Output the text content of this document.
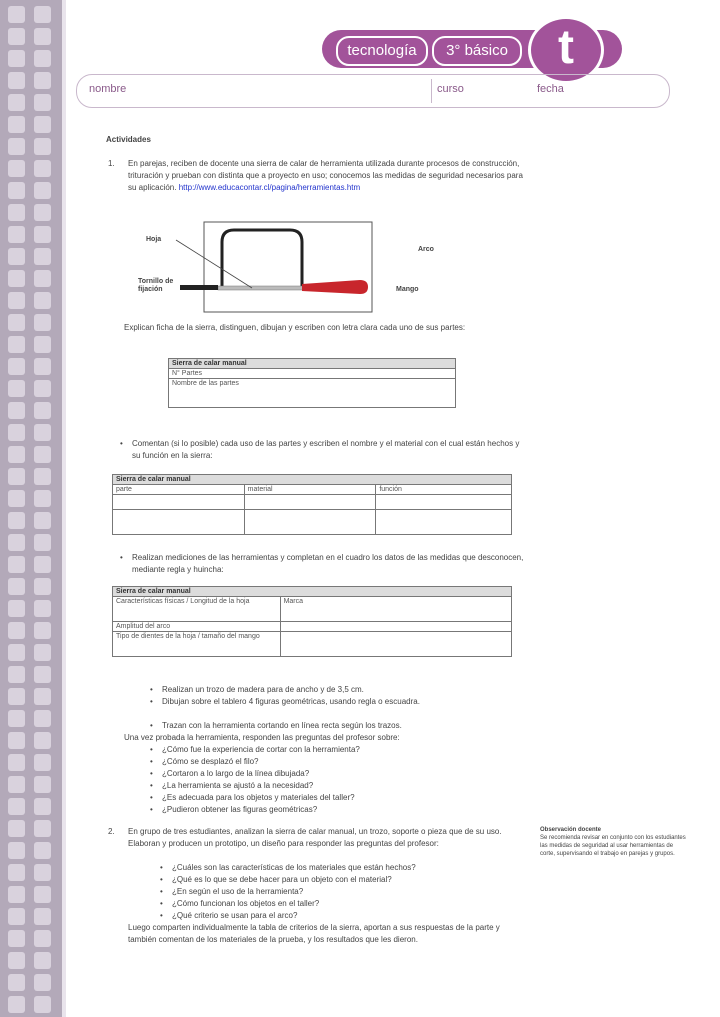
tecnología	3° básico	t
nombre	curso	fecha
Actividades
1. En parejas, reciben de docente una sierra de calar de herramienta utilizada durante procesos de construcción, trituración y prueban con distinta que a proyecto en uso; conocemos las medidas de seguridad necesarios para su aplicación. http://www.educacontar.cl/pagina/herramientas.htm
Hoja
Tornillo de
fijación
Arco
Mango
Explican ficha de la sierra, distinguen, dibujan y escriben con letra clara cada uno de sus partes:
Sierra de calar manual
N° Partes
Nombre de las partes
• Comentan (si lo posible) cada uso de las partes y escriben el nombre y el material con el cual están hechos y su función en la sierra:
Sierra de calar manual		
parte	material	función

• Realizan mediciones de las herramientas y completan en el cuadro los datos de las medidas que desconocen, mediante regla y huincha:
Sierra de calar manual	
Características físicas / Longitud de la hoja	Marca
Amplitud del arco	
Tipo de dientes de la hoja / tamaño del mango	
• Realizan un trozo de madera para de ancho y de 3,5 cm.
• Dibujan sobre el tablero 4 figuras geométricas, usando regla o escuadra.
• Trazan con la herramienta cortando en línea recta según los trazos.
Una vez probada la herramienta, responden las preguntas del profesor sobre:
• ¿Cómo fue la experiencia de cortar con la herramienta?
• ¿Cómo se desplazó el filo?
• ¿Cortaron a lo largo de la línea dibujada?
• ¿La herramienta se ajustó a la necesidad?
• ¿Es adecuada para los objetos y materiales del taller?
• ¿Pudieron obtener las figuras geométricas?
2. En grupo de tres estudiantes, analizan la sierra de calar manual, un trozo, soporte o pieza que de su uso. Elaboran y producen un prototipo, un diseño para responder las preguntas del profesor:
• ¿Cuáles son las características de los materiales que están hechos?
• ¿Qué es lo que se debe hacer para un objeto con el material?
• ¿En según el uso de la herramienta?
• ¿Cómo funcionan los objetos en el taller?
• ¿Qué criterio se usan para el arco?
Luego comparten individualmente la tabla de criterios de la sierra, aportan a sus respuestas de la parte y también comentan de los materiales de la prueba, y los resultados que les dieron.
Observación docente
Se recomienda revisar en conjunto con los estudiantes las medidas de seguridad al usar herramientas de corte, supervisando el trabajo en parejas y grupos.
